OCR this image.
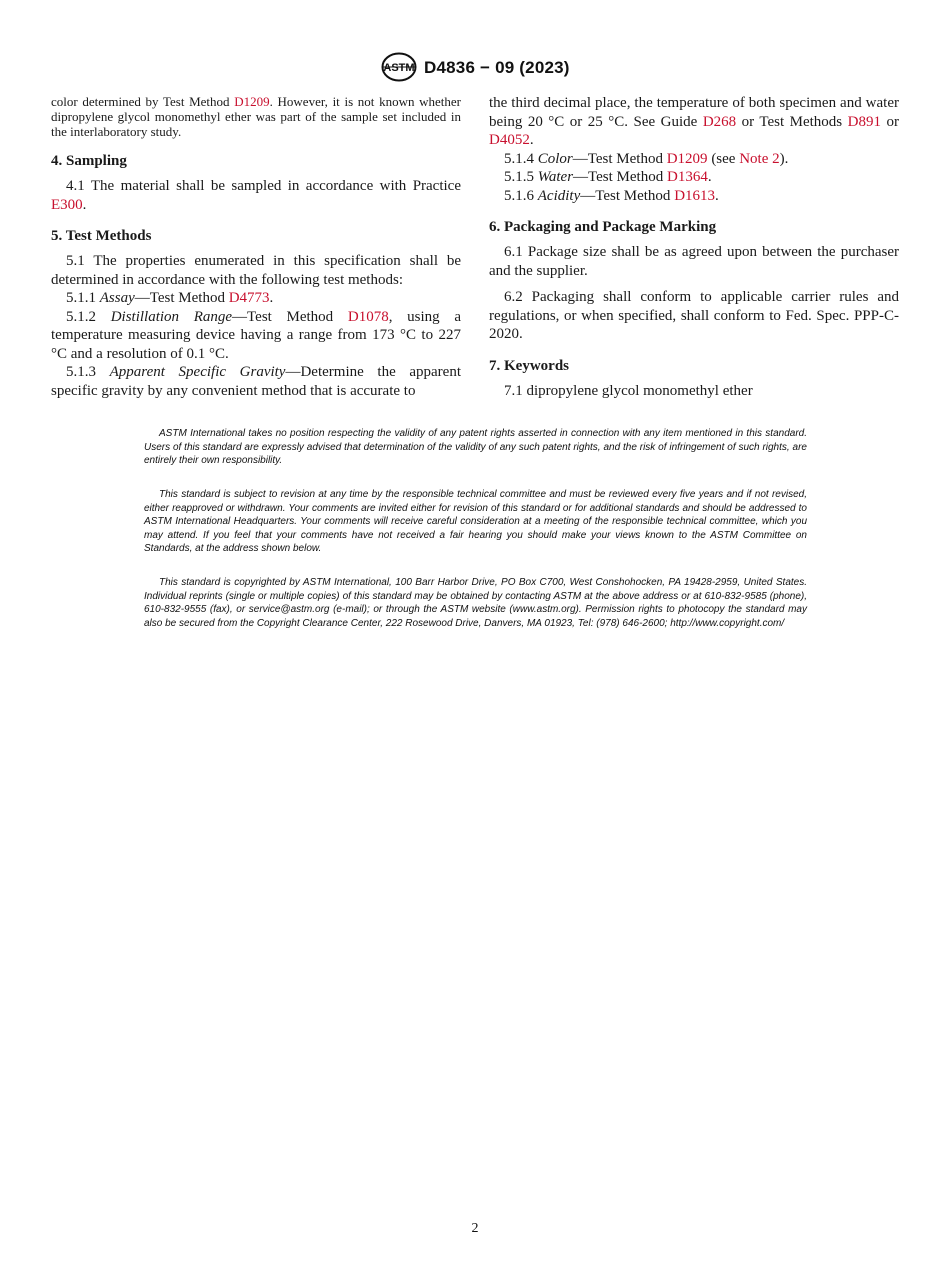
ASTM D4836 − 09 (2023)

color determined by Test Method D1209. However, it is not known whether dipropylene glycol monomethyl ether was part of the sample set included in the interlaboratory study.

4. Sampling

4.1 The material shall be sampled in accordance with Practice E300.

5. Test Methods

5.1 The properties enumerated in this specification shall be determined in accordance with the following test methods:

5.1.1 Assay—Test Method D4773.

5.1.2 Distillation Range—Test Method D1078, using a temperature measuring device having a range from 173 °C to 227 °C and a resolution of 0.1 °C.

5.1.3 Apparent Specific Gravity—Determine the apparent specific gravity by any convenient method that is accurate to

the third decimal place, the temperature of both specimen and water being 20 °C or 25 °C. See Guide D268 or Test Methods D891 or D4052.

5.1.4 Color—Test Method D1209 (see Note 2).

5.1.5 Water—Test Method D1364.

5.1.6 Acidity—Test Method D1613.

6. Packaging and Package Marking

6.1 Package size shall be as agreed upon between the purchaser and the supplier.

6.2 Packaging shall conform to applicable carrier rules and regulations, or when specified, shall conform to Fed. Spec. PPP-C-2020.

7. Keywords

7.1 dipropylene glycol monomethyl ether

ASTM International takes no position respecting the validity of any patent rights asserted in connection with any item mentioned in this standard. Users of this standard are expressly advised that determination of the validity of any such patent rights, and the risk of infringement of such rights, are entirely their own responsibility.
This standard is subject to revision at any time by the responsible technical committee and must be reviewed every five years and if not revised, either reapproved or withdrawn. Your comments are invited either for revision of this standard or for additional standards and should be addressed to ASTM International Headquarters. Your comments will receive careful consideration at a meeting of the responsible technical committee, which you may attend. If you feel that your comments have not received a fair hearing you should make your views known to the ASTM Committee on Standards, at the address shown below.
This standard is copyrighted by ASTM International, 100 Barr Harbor Drive, PO Box C700, West Conshohocken, PA 19428-2959, United States. Individual reprints (single or multiple copies) of this standard may be obtained by contacting ASTM at the above address or at 610-832-9585 (phone), 610-832-9555 (fax), or service@astm.org (e-mail); or through the ASTM website (www.astm.org). Permission rights to photocopy the standard may also be secured from the Copyright Clearance Center, 222 Rosewood Drive, Danvers, MA 01923, Tel: (978) 646-2600; http://www.copyright.com/
2
